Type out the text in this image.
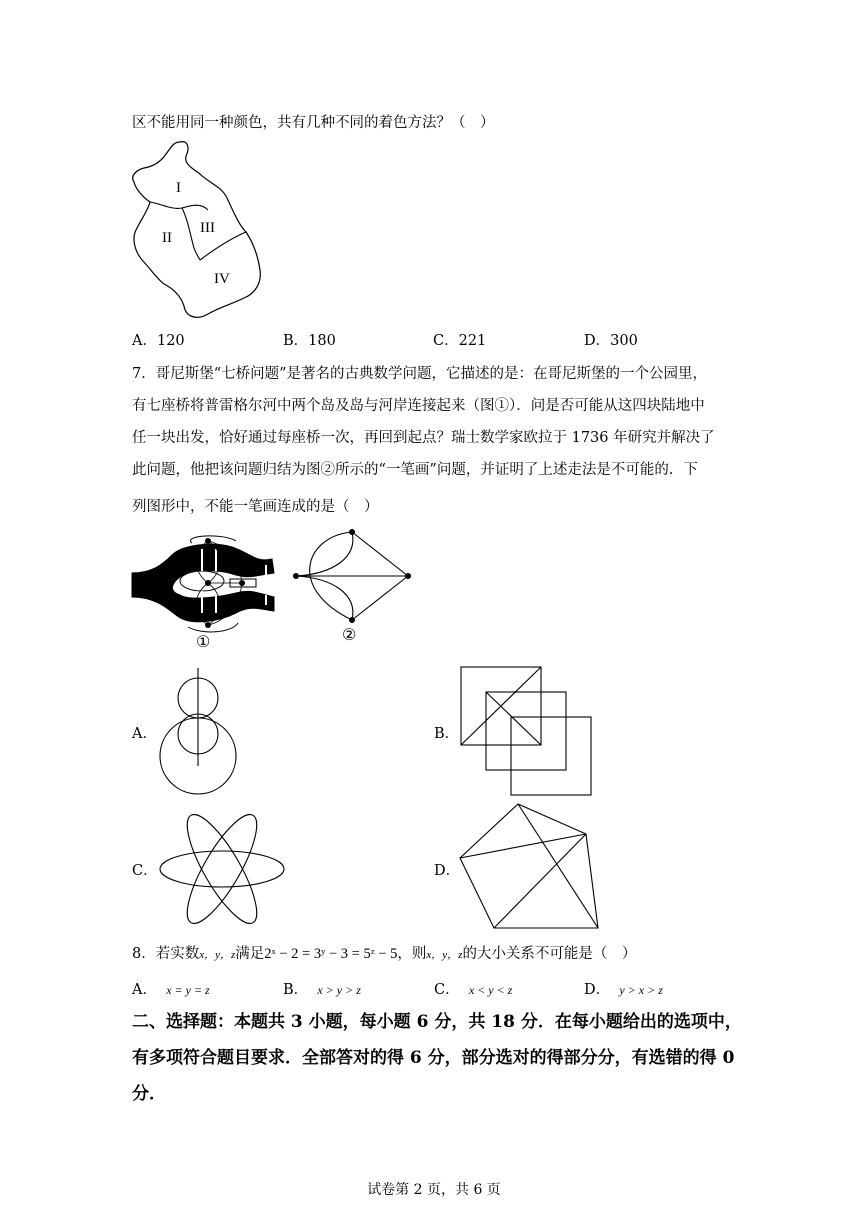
区不能用同一种颜色，共有几种不同的着色方法？（　）
I
II
III
IV
A．120	B．180	C．221	D．300
7．哥尼斯堡“七桥问题”是著名的古典数学问题，它描述的是：在哥尼斯堡的一个公园里，
有七座桥将普雷格尔河中两个岛及岛与河岸连接起来（图①）．问是否可能从这四块陆地中
任一块出发，恰好通过每座桥一次，再回到起点？瑞士数学家欧拉于 1736 年研究并解决了
此问题，他把该问题归结为图②所示的“一笔画”问题，并证明了上述走法是不可能的．下
列图形中，不能一笔画连成的是（　）
①	②
A．	B．
C．	D．
8．若实数x，y，z满足2ˣ − 2 = 3ʸ − 3 = 5ᶻ − 5，则x，y，z的大小关系不可能是（　）
A． x = y = z	B． x > y > z	C． x < y < z	D． y > x > z
二、选择题：本题共 3 小题，每小题 6 分，共 18 分．在每小题给出的选项中，
有多项符合题目要求．全部答对的得 6 分，部分选对的得部分分，有选错的得 0
分．
试卷第 2 页，共 6 页
